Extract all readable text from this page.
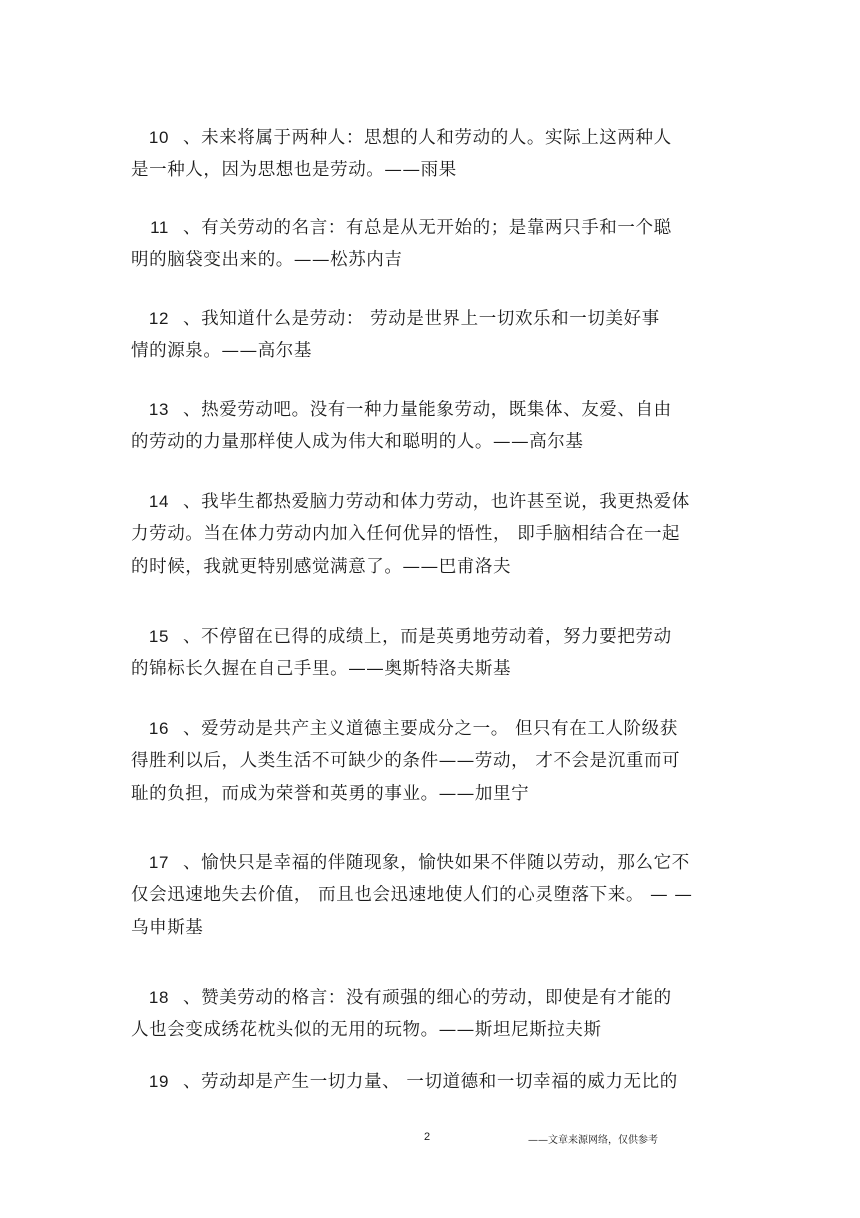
10 、未来将属于两种人：思想的人和劳动的人。实际上这两种人
是一种人，因为思想也是劳动。——雨果
11 、有关劳动的名言：有总是从无开始的；是靠两只手和一个聪
明的脑袋变出来的。——松苏内吉
12 、我知道什么是劳动： 劳动是世界上一切欢乐和一切美好事
情的源泉。——高尔基
13 、热爱劳动吧。没有一种力量能象劳动，既集体、友爱、自由
的劳动的力量那样使人成为伟大和聪明的人。——高尔基
14 、我毕生都热爱脑力劳动和体力劳动，也许甚至说，我更热爱体
力劳动。当在体力劳动内加入任何优异的悟性， 即手脑相结合在一起
的时候，我就更特别感觉满意了。——巴甫洛夫
15 、不停留在已得的成绩上，而是英勇地劳动着，努力要把劳动
的锦标长久握在自己手里。——奥斯特洛夫斯基
16 、爱劳动是共产主义道德主要成分之一。 但只有在工人阶级获
得胜利以后，人类生活不可缺少的条件——劳动， 才不会是沉重而可
耻的负担，而成为荣誉和英勇的事业。——加里宁
17 、愉快只是幸福的伴随现象，愉快如果不伴随以劳动，那么它不
仅会迅速地失去价值， 而且也会迅速地使人们的心灵堕落下来。 — —
乌申斯基
18 、赞美劳动的格言：没有顽强的细心的劳动，即使是有才能的
人也会变成绣花枕头似的无用的玩物。——斯坦尼斯拉夫斯
19 、劳动却是产生一切力量、 一切道德和一切幸福的威力无比的
2	——文章来源网络，仅供参考
